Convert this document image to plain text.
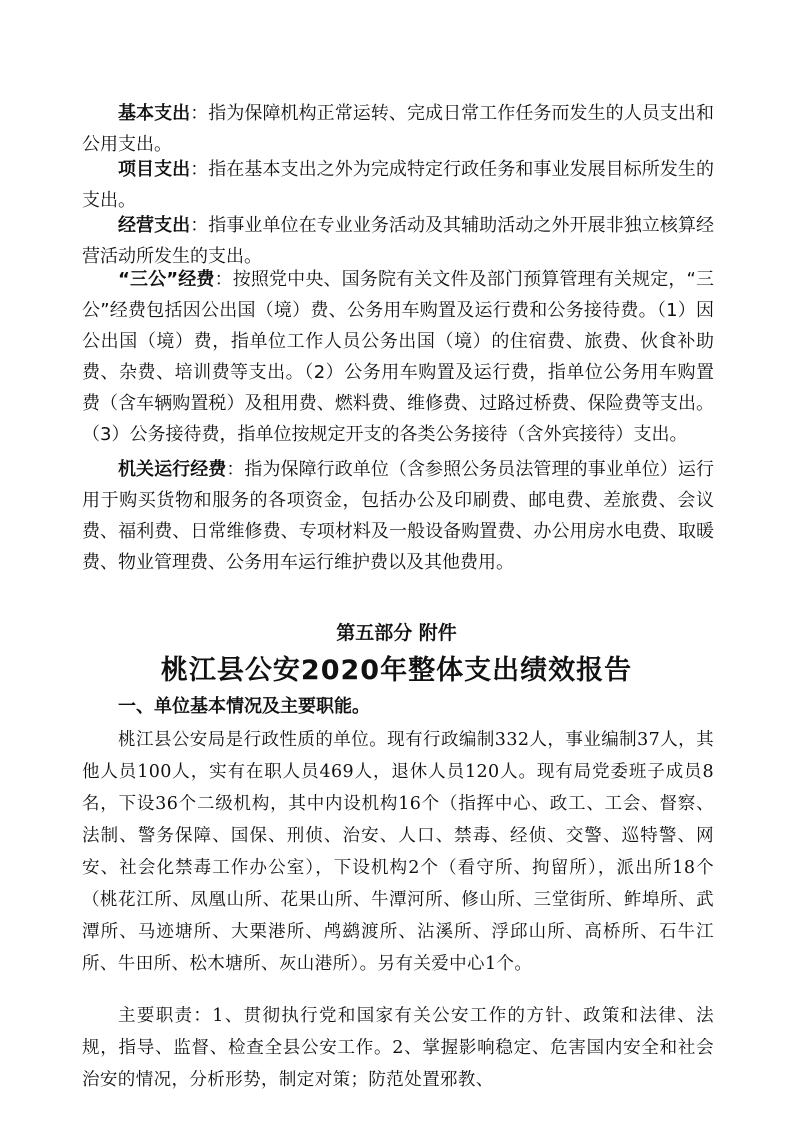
基本支出：指为保障机构正常运转、完成日常工作任务而发生的人员支出和公用支出。

项目支出：指在基本支出之外为完成特定行政任务和事业发展目标所发生的支出。

经营支出：指事业单位在专业业务活动及其辅助活动之外开展非独立核算经营活动所发生的支出。

“三公”经费：按照党中央、国务院有关文件及部门预算管理有关规定，“三公”经费包括因公出国（境）费、公务用车购置及运行费和公务接待费。（1）因公出国（境）费，指单位工作人员公务出国（境）的住宿费、旅费、伙食补助费、杂费、培训费等支出。（2）公务用车购置及运行费，指单位公务用车购置费（含车辆购置税）及租用费、燃料费、维修费、过路过桥费、保险费等支出。（3）公务接待费，指单位按规定开支的各类公务接待（含外宾接待）支出。

机关运行经费：指为保障行政单位（含参照公务员法管理的事业单位）运行用于购买货物和服务的各项资金，包括办公及印刷费、邮电费、差旅费、会议费、福利费、日常维修费、专项材料及一般设备购置费、办公用房水电费、取暖费、物业管理费、公务用车运行维护费以及其他费用。

第五部分 附件
桃江县公安2020年整体支出绩效报告
一、单位基本情况及主要职能。

桃江县公安局是行政性质的单位。现有行政编制332人，事业编制37人，其他人员100人，实有在职人员469人，退休人员120人。现有局党委班子成员8名，下设36个二级机构，其中内设机构16个（指挥中心、政工、工会、督察、法制、警务保障、国保、刑侦、治安、人口、禁毒、经侦、交警、巡特警、网安、社会化禁毒工作办公室），下设机构2个（看守所、拘留所），派出所18个（桃花江所、凤凰山所、花果山所、牛潭河所、修山所、三堂街所、鲊埠所、武潭所、马迹塘所、大栗港所、鸬鹚渡所、沾溪所、浮邱山所、高桥所、石牛江所、牛田所、松木塘所、灰山港所）。另有关爱中心1个。

主要职责：1、贯彻执行党和国家有关公安工作的方针、政策和法律、法规，指导、监督、检查全县公安工作。2、掌握影响稳定、危害国内安全和社会治安的情况，分析形势，制定对策；防范处置邪教、
